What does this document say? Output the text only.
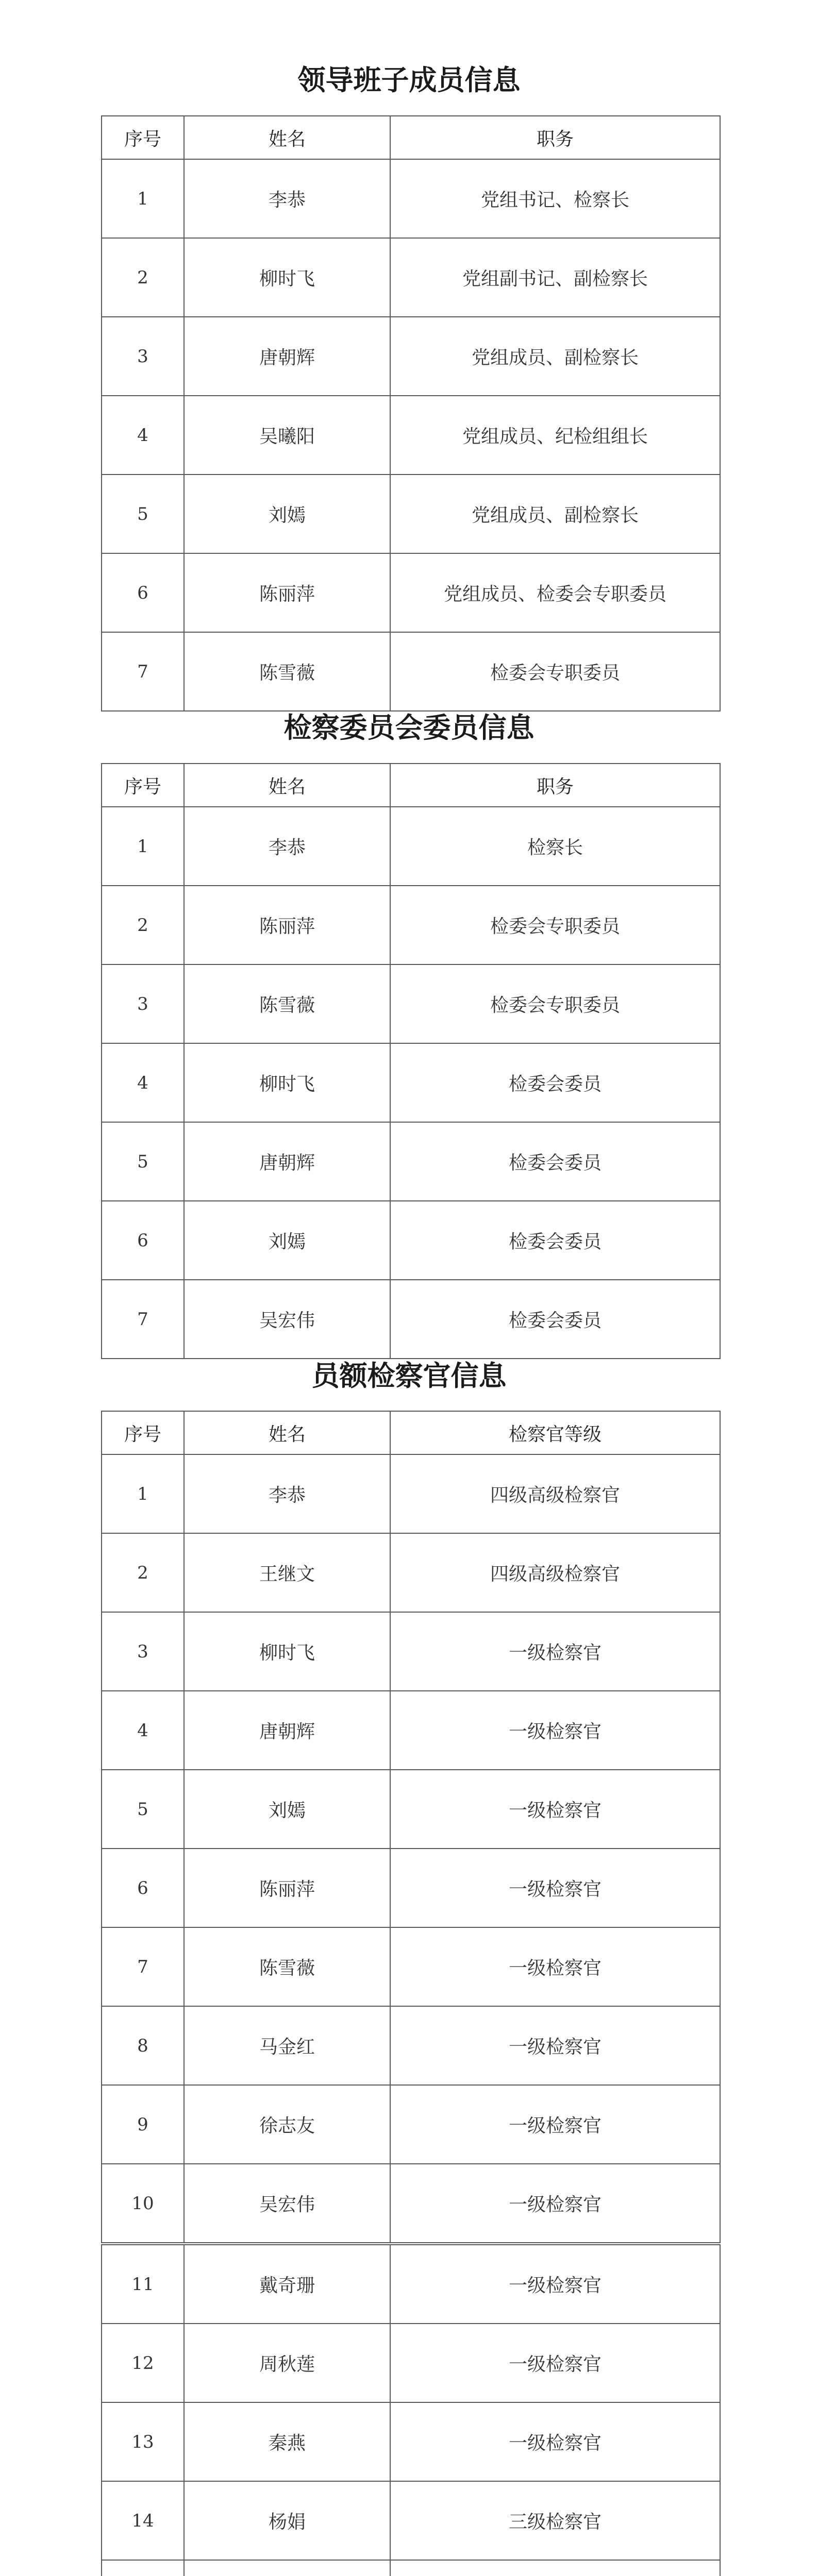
领导班子成员信息
序号	姓名	职务
1	李恭	党组书记、检察长
2	柳时飞	党组副书记、副检察长
3	唐朝辉	党组成员、副检察长
4	吴曦阳	党组成员、纪检组组长
5	刘嫣	党组成员、副检察长
6	陈丽萍	党组成员、检委会专职委员
7	陈雪薇	检委会专职委员
检察委员会委员信息
序号	姓名	职务
1	李恭	检察长
2	陈丽萍	检委会专职委员
3	陈雪薇	检委会专职委员
4	柳时飞	检委会委员
5	唐朝辉	检委会委员
6	刘嫣	检委会委员
7	吴宏伟	检委会委员
员额检察官信息
序号	姓名	检察官等级
1	李恭	四级高级检察官
2	王继文	四级高级检察官
3	柳时飞	一级检察官
4	唐朝辉	一级检察官
5	刘嫣	一级检察官
6	陈丽萍	一级检察官
7	陈雪薇	一级检察官
8	马金红	一级检察官
9	徐志友	一级检察官
10	吴宏伟	一级检察官
11	戴奇珊	一级检察官
12	周秋莲	一级检察官
13	秦燕	一级检察官
14	杨娟	三级检察官
